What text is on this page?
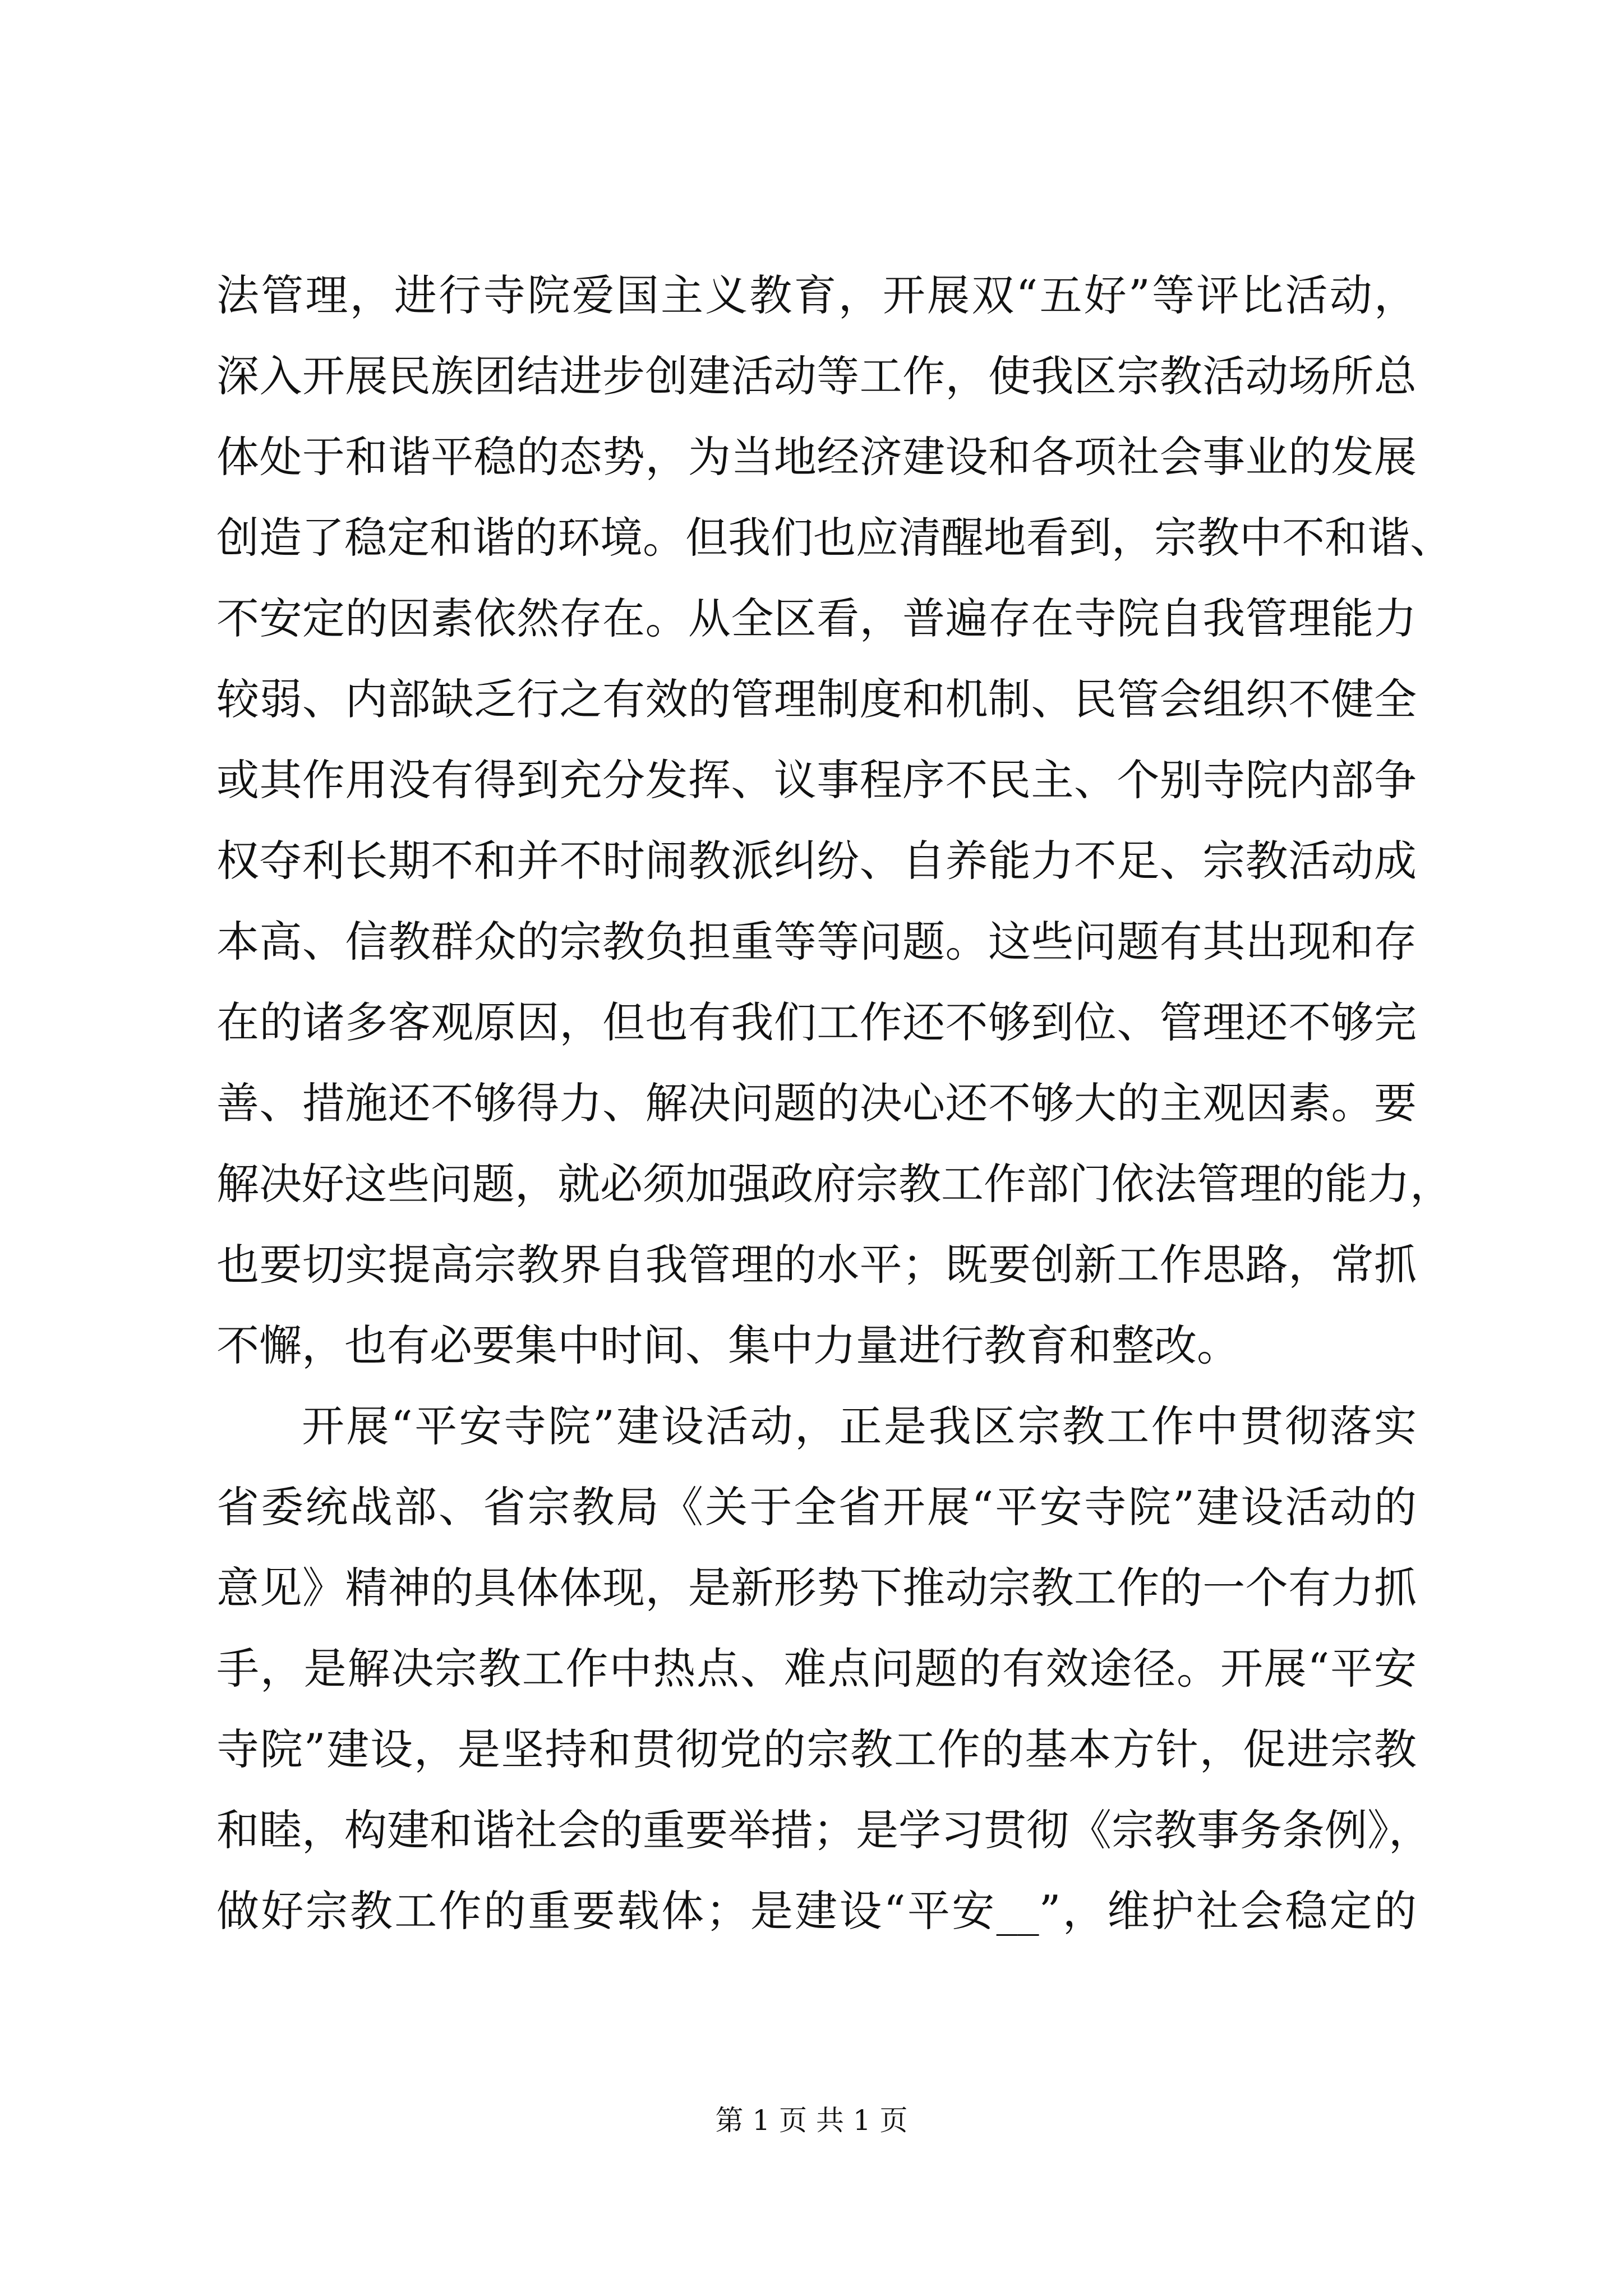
法管理，进行寺院爱国主义教育，开展双“五好”等评比活动，
深入开展民族团结进步创建活动等工作，使我区宗教活动场所总
体处于和谐平稳的态势，为当地经济建设和各项社会事业的发展
创造了稳定和谐的环境。但我们也应清醒地看到，宗教中不和谐、
不安定的因素依然存在。从全区看，普遍存在寺院自我管理能力
较弱、内部缺乏行之有效的管理制度和机制、民管会组织不健全
或其作用没有得到充分发挥、议事程序不民主、个别寺院内部争
权夺利长期不和并不时闹教派纠纷、自养能力不足、宗教活动成
本高、信教群众的宗教负担重等等问题。这些问题有其出现和存
在的诸多客观原因，但也有我们工作还不够到位、管理还不够完
善、措施还不够得力、解决问题的决心还不够大的主观因素。要
解决好这些问题，就必须加强政府宗教工作部门依法管理的能力，
也要切实提高宗教界自我管理的水平；既要创新工作思路，常抓
不懈，也有必要集中时间、集中力量进行教育和整改。
开展“平安寺院”建设活动，正是我区宗教工作中贯彻落实
省委统战部、省宗教局《关于全省开展“平安寺院”建设活动的
意见》精神的具体体现，是新形势下推动宗教工作的一个有力抓
手，是解决宗教工作中热点、难点问题的有效途径。开展“平安
寺院”建设，是坚持和贯彻党的宗教工作的基本方针，促进宗教
和睦，构建和谐社会的重要举措；是学习贯彻《宗教事务条例》，
做好宗教工作的重要载体；是建设“平安__”，维护社会稳定的
第 1 页 共 1 页
